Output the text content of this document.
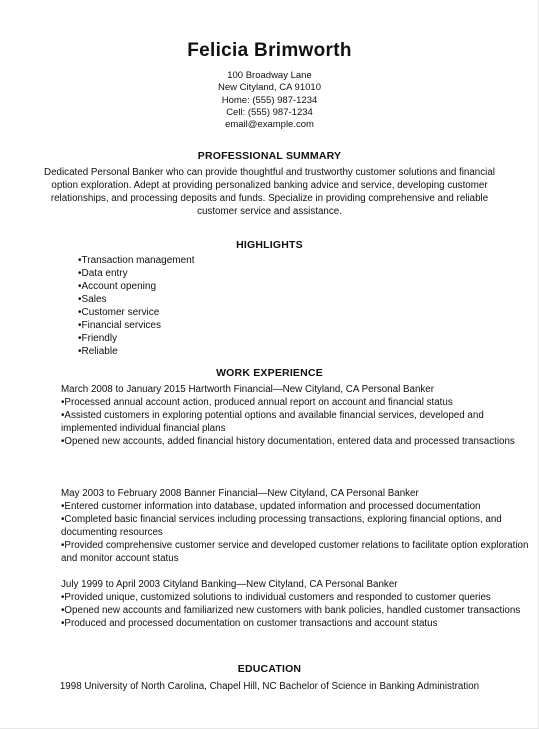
Felicia Brimworth
100 Broadway Lane
New Cityland, CA 91010
Home: (555) 987-1234
Cell: (555) 987-1234
email@example.com
PROFESSIONAL SUMMARY
Dedicated Personal Banker who can provide thoughtful and trustworthy customer solutions and financial option exploration. Adept at providing personalized banking advice and service, developing customer relationships, and processing deposits and funds. Specialize in providing comprehensive and reliable customer service and assistance.
HIGHLIGHTS
•Transaction management
•Data entry
•Account opening
•Sales
•Customer service
•Financial services
•Friendly
•Reliable
WORK EXPERIENCE
March 2008 to January 2015 Hartworth Financial—New Cityland, CA Personal Banker
•Processed annual account action, produced annual report on account and financial status
•Assisted customers in exploring potential options and available financial services, developed and implemented individual financial plans
•Opened new accounts, added financial history documentation, entered data and processed transactions
May 2003 to February 2008 Banner Financial—New Cityland, CA Personal Banker
•Entered customer information into database, updated information and processed documentation
•Completed basic financial services including processing transactions, exploring financial options, and documenting resources
•Provided comprehensive customer service and developed customer relations to facilitate option exploration and monitor account status
July 1999 to April 2003 Cityland Banking—New Cityland, CA Personal Banker
•Provided unique, customized solutions to individual customers and responded to customer queries
•Opened new accounts and familiarized new customers with bank policies, handled customer transactions
•Produced and processed documentation on customer transactions and account status
EDUCATION
1998 University of North Carolina, Chapel Hill, NC Bachelor of Science in Banking Administration
